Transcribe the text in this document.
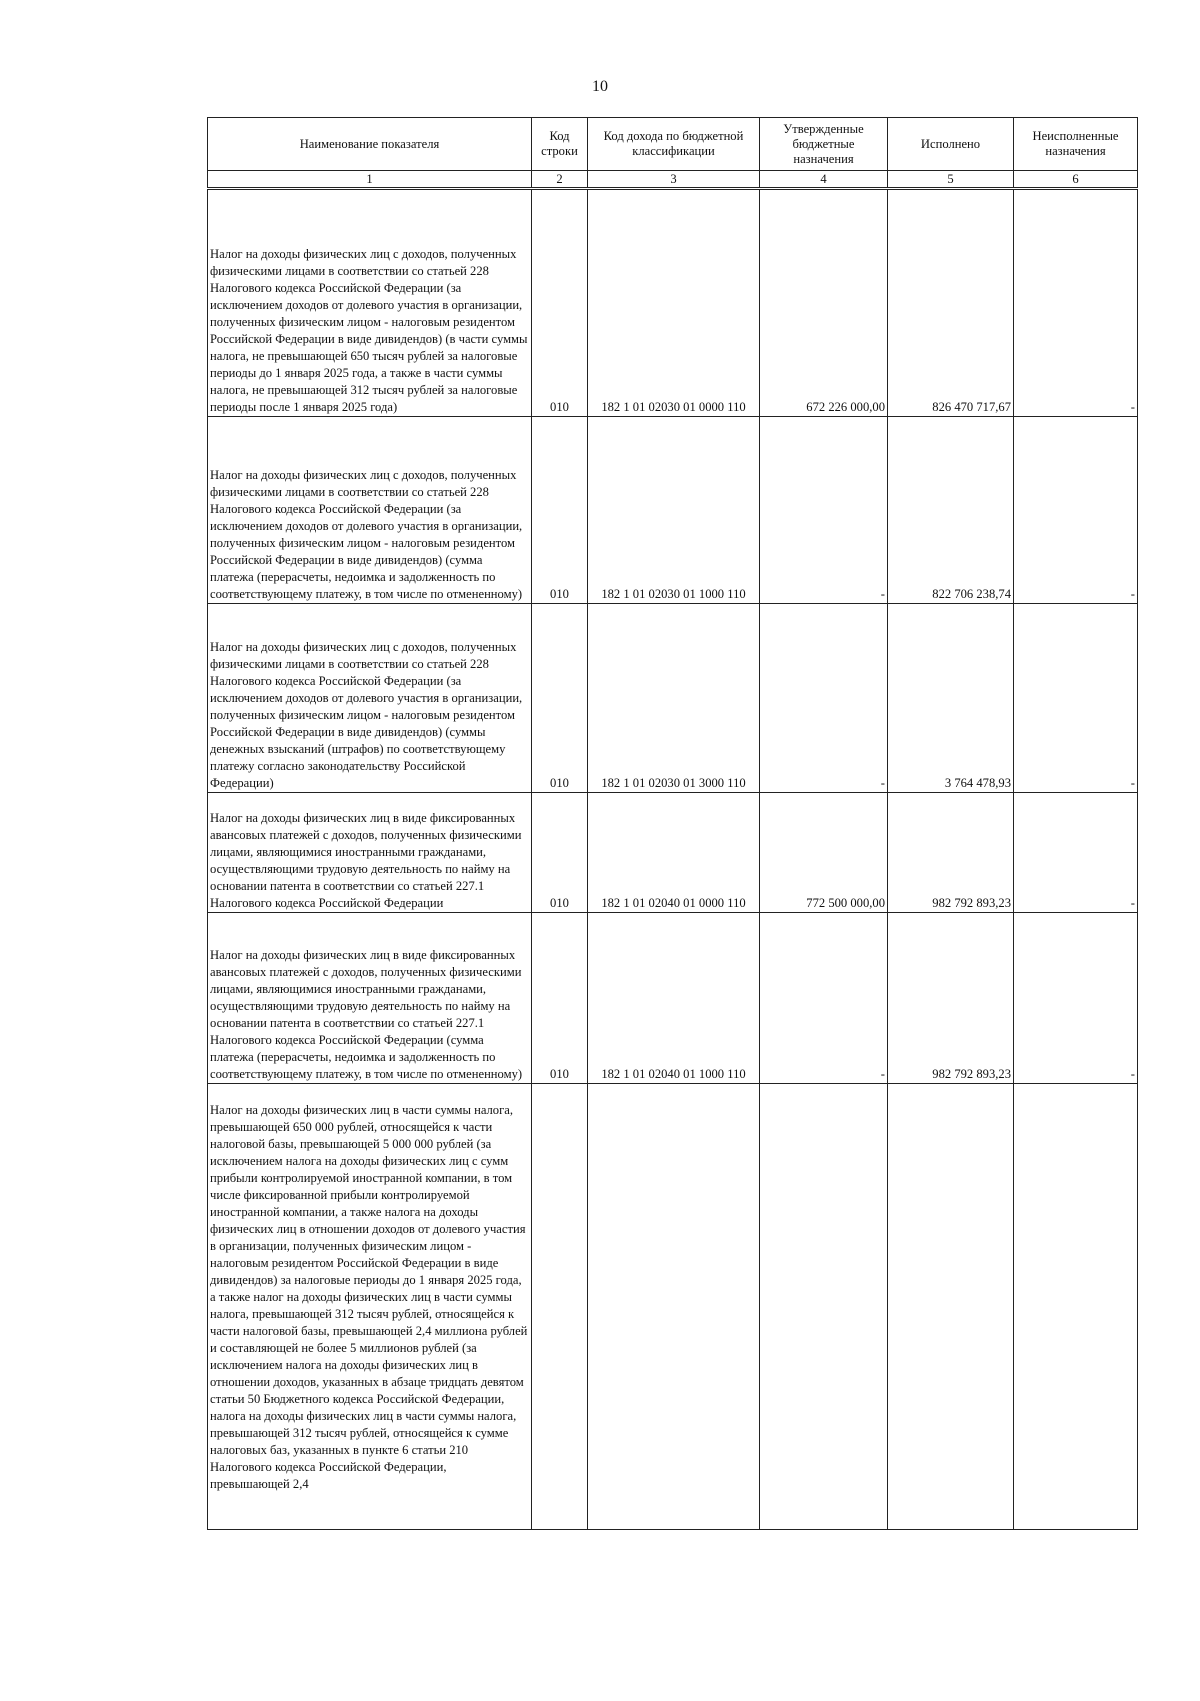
10
Наименование показателя	Код строки	Код дохода по бюджетной классификации	Утвержденные бюджетные назначения	Исполнено	Неисполненные назначения
1	2	3	4	5	6
Налог на доходы физических лиц с доходов, полученных физическими лицами в соответствии со статьей 228 Налогового кодекса Российской Федерации (за исключением доходов от долевого участия в организации, полученных физическим лицом - налоговым резидентом Российской Федерации в виде дивидендов) (в части суммы налога, не превышающей 650 тысяч рублей за налоговые периоды до 1 января 2025 года, а также в части суммы налога, не превышающей 312 тысяч рублей за налоговые периоды после 1 января 2025 года)	010	182 1 01 02030 01 0000 110	672 226 000,00	826 470 717,67	-
Налог на доходы физических лиц с доходов, полученных физическими лицами в соответствии со статьей 228 Налогового кодекса Российской Федерации (за исключением доходов от долевого участия в организации, полученных физическим лицом - налоговым резидентом Российской Федерации в виде дивидендов) (сумма платежа (перерасчеты, недоимка и задолженность по соответствующему платежу, в том числе по отмененному)	010	182 1 01 02030 01 1000 110	-	822 706 238,74	-
Налог на доходы физических лиц с доходов, полученных физическими лицами в соответствии со статьей 228 Налогового кодекса Российской Федерации (за исключением доходов от долевого участия в организации, полученных физическим лицом - налоговым резидентом Российской Федерации в виде дивидендов) (суммы денежных взысканий (штрафов) по соответствующему платежу согласно законодательству Российской Федерации)	010	182 1 01 02030 01 3000 110	-	3 764 478,93	-
Налог на доходы физических лиц в виде фиксированных авансовых платежей с доходов, полученных физическими лицами, являющимися иностранными гражданами, осуществляющими трудовую деятельность по найму на основании патента в соответствии со статьей 227.1 Налогового кодекса Российской Федерации	010	182 1 01 02040 01 0000 110	772 500 000,00	982 792 893,23	-
Налог на доходы физических лиц в виде фиксированных авансовых платежей с доходов, полученных физическими лицами, являющимися иностранными гражданами, осуществляющими трудовую деятельность по найму на основании патента в соответствии со статьей 227.1 Налогового кодекса Российской Федерации (сумма платежа (перерасчеты, недоимка и задолженность по соответствующему платежу, в том числе по отмененному)	010	182 1 01 02040 01 1000 110	-	982 792 893,23	-
Налог на доходы физических лиц в части суммы налога, превышающей 650 000 рублей, относящейся к части налоговой базы, превышающей 5 000 000 рублей (за исключением налога на доходы физических лиц с сумм прибыли контролируемой иностранной компании, в том числе фиксированной прибыли контролируемой иностранной компании, а также налога на доходы физических лиц в отношении доходов от долевого участия в организации, полученных физическим лицом - налоговым резидентом Российской Федерации в виде дивидендов) за налоговые периоды до 1 января 2025 года, а также налог на доходы физических лиц в части суммы налога, превышающей 312 тысяч рублей, относящейся к части налоговой базы, превышающей 2,4 миллиона рублей и составляющей не более 5 миллионов рублей (за исключением налога на доходы физических лиц в отношении доходов, указанных в абзаце тридцать девятом статьи 50 Бюджетного кодекса Российской Федерации, налога на доходы физических лиц в части суммы налога, превышающей 312 тысяч рублей, относящейся к сумме налоговых баз, указанных в пункте 6 статьи 210 Налогового кодекса Российской Федерации, превышающей 2,4					
